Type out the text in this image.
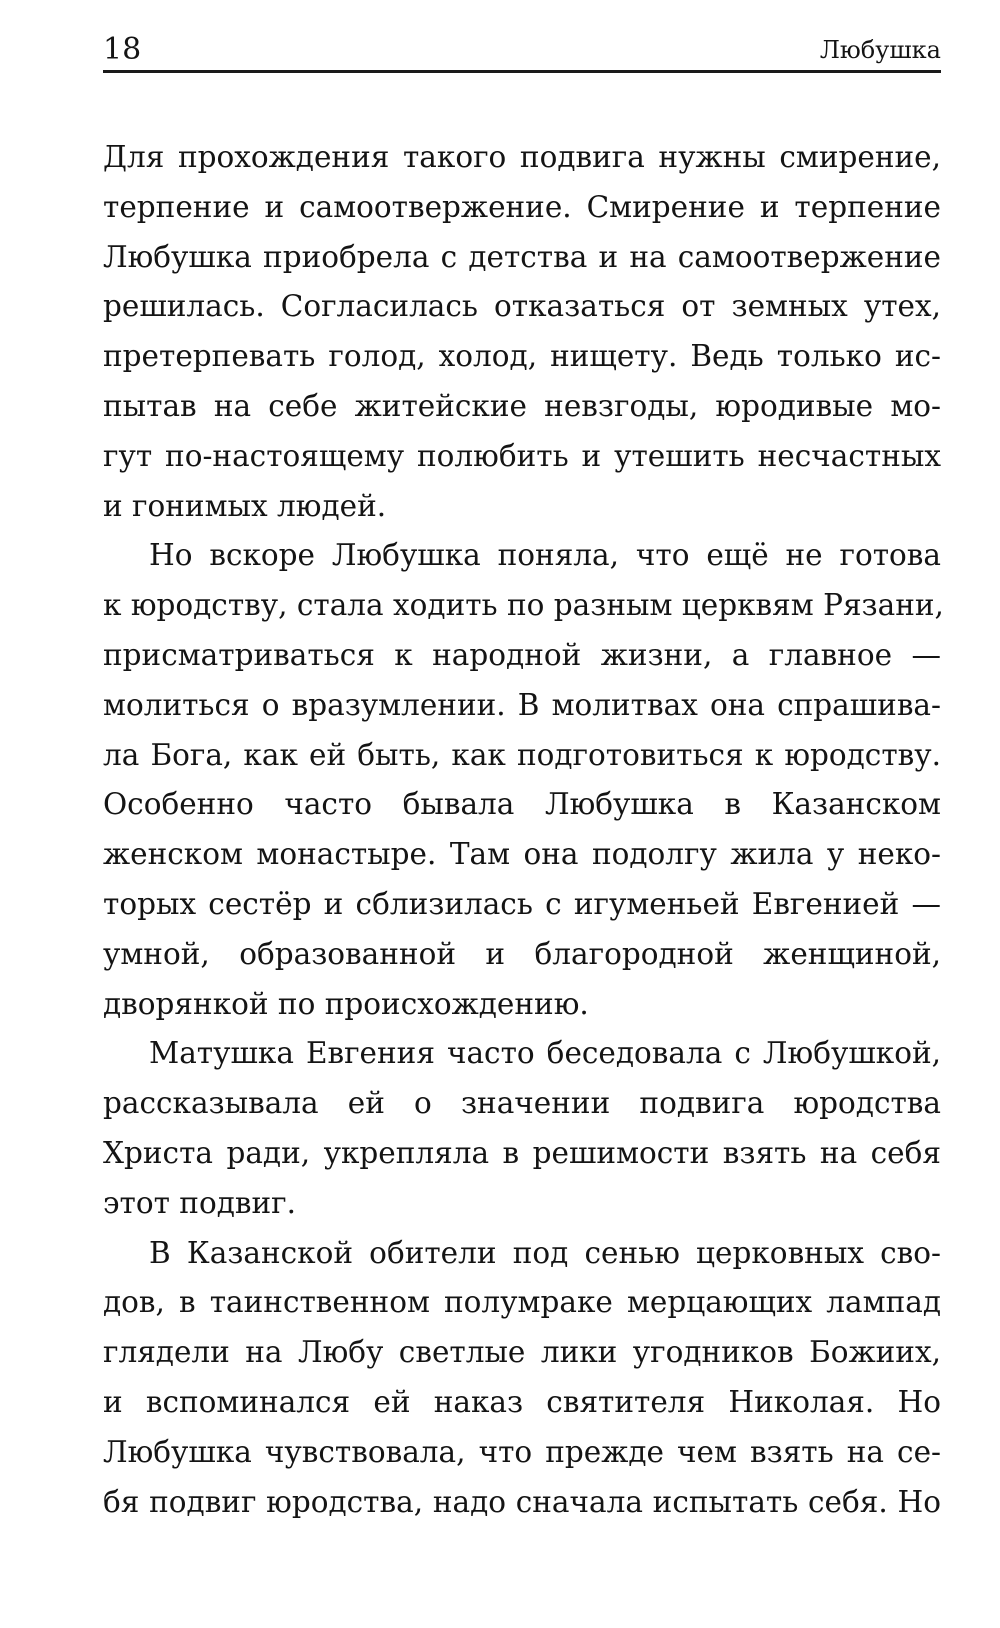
18	Любушка

Для прохождения такого подвига нужны смирение,
терпение и самоотвержение. Смирение и терпение
Любушка приобрела с детства и на самоотвержение
решилась. Согласилась отказаться от земных утех,
претерпевать голод, холод, нищету. Ведь только ис-
пытав на себе житейские невзгоды, юродивые мо-
гут по-настоящему полюбить и утешить несчастных
и гонимых людей.

Но вскоре Любушка поняла, что ещё не готова
к юродству, стала ходить по разным церквям Рязани,
присматриваться к народной жизни, а главное —
молиться о вразумлении. В молитвах она спрашива-
ла Бога, как ей быть, как подготовиться к юродству.
Особенно часто бывала Любушка в Казанском
женском монастыре. Там она подолгу жила у неко-
торых сестёр и сблизилась с игуменьей Евгенией —
умной, образованной и благородной женщиной,
дворянкой по происхождению.

Матушка Евгения часто беседовала с Любушкой,
рассказывала ей о значении подвига юродства
Христа ради, укрепляла в решимости взять на себя
этот подвиг.

В Казанской обители под сенью церковных сво-
дов, в таинственном полумраке мерцающих лампад
глядели на Любу светлые лики угодников Божиих,
и вспоминался ей наказ святителя Николая. Но
Любушка чувствовала, что прежде чем взять на се-
бя подвиг юродства, надо сначала испытать себя. Но
